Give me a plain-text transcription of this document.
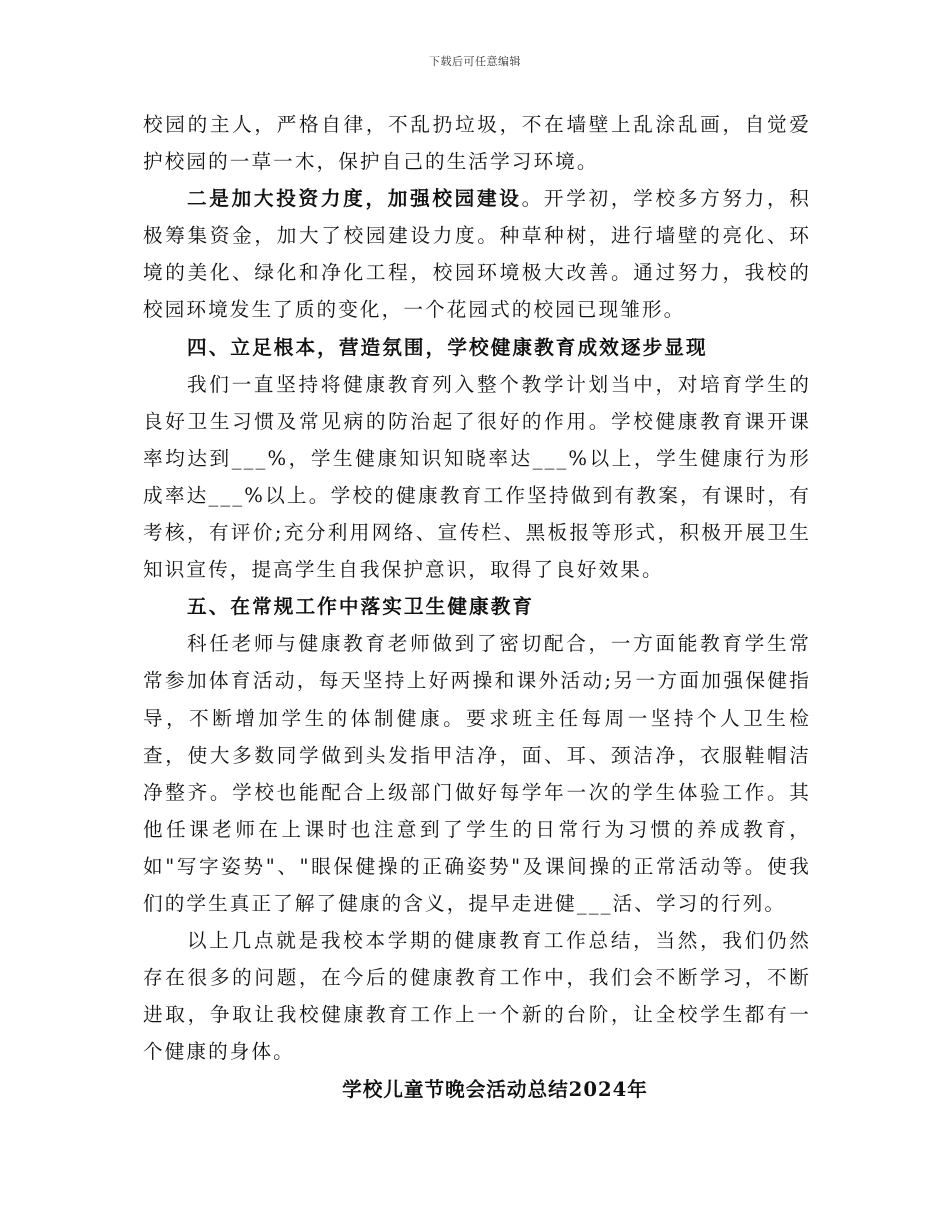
下载后可任意编辑

校园的主人，严格自律，不乱扔垃圾，不在墙壁上乱涂乱画，自觉爱护校园的一草一木，保护自己的生活学习环境。

二是加大投资力度，加强校园建设。开学初，学校多方努力，积极筹集资金，加大了校园建设力度。种草种树，进行墙壁的亮化、环境的美化、绿化和净化工程，校园环境极大改善。通过努力，我校的校园环境发生了质的变化，一个花园式的校园已现雏形。

四、立足根本，营造氛围，学校健康教育成效逐步显现

我们一直坚持将健康教育列入整个教学计划当中，对培育学生的良好卫生习惯及常见病的防治起了很好的作用。学校健康教育课开课率均达到___%，学生健康知识知晓率达___%以上，学生健康行为形成率达___%以上。学校的健康教育工作坚持做到有教案，有课时，有考核，有评价;充分利用网络、宣传栏、黑板报等形式，积极开展卫生知识宣传，提高学生自我保护意识，取得了良好效果。

五、在常规工作中落实卫生健康教育

科任老师与健康教育老师做到了密切配合，一方面能教育学生常常参加体育活动，每天坚持上好两操和课外活动;另一方面加强保健指导，不断增加学生的体制健康。要求班主任每周一坚持个人卫生检查，使大多数同学做到头发指甲洁净，面、耳、颈洁净，衣服鞋帽洁净整齐。学校也能配合上级部门做好每学年一次的学生体验工作。其他任课老师在上课时也注意到了学生的日常行为习惯的养成教育，如"写字姿势"、"眼保健操的正确姿势"及课间操的正常活动等。使我们的学生真正了解了健康的含义，提早走进健___活、学习的行列。

以上几点就是我校本学期的健康教育工作总结，当然，我们仍然存在很多的问题，在今后的健康教育工作中，我们会不断学习，不断进取，争取让我校健康教育工作上一个新的台阶，让全校学生都有一个健康的身体。

学校儿童节晚会活动总结2024年
